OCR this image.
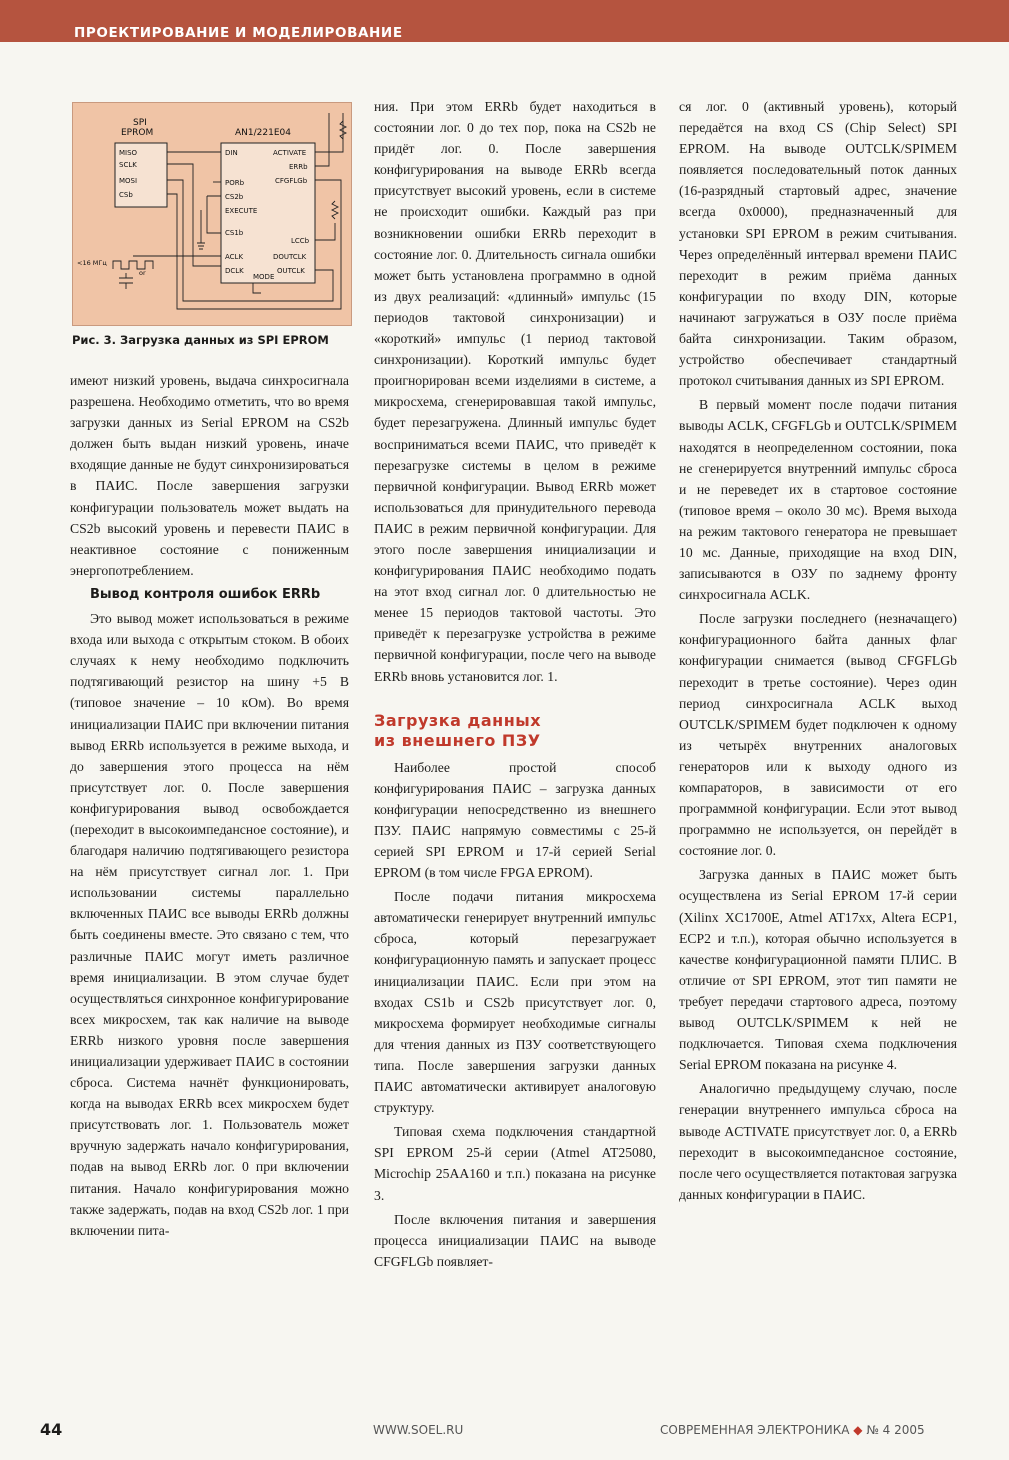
ПРОЕКТИРОВАНИЕ И МОДЕЛИРОВАНИЕ
SPI
EPROM
MISO
SCLK
MOSI
CSb
AN1/221E04
DIN
PORb
CS2b
EXECUTE
CS1b
ACLK
DCLK
MODE
ACTIVATE
ERRb
CFGFLGb
LCCb
DOUTCLK
OUTCLK
<16 МГц
or
Рис. 3. Загрузка данных из SPI EPROM

имеют низкий уровень, выдача синхросигнала разрешена. Необходимо отметить, что во время загрузки данных из Serial EPROM на CS2b должен быть выдан низкий уровень, иначе входящие данные не будут синхронизироваться в ПАИС. После завершения загрузки конфигурации пользователь может выдать на CS2b высокий уровень и перевести ПАИС в неактивное состояние с пониженным энергопотреблением.

Вывод контроля ошибок ERRb

Это вывод может использоваться в режиме входа или выхода с открытым стоком. В обоих случаях к нему необходимо подключить подтягивающий резистор на шину +5 В (типовое значение – 10 кОм). Во время инициализации ПАИС при включении питания вывод ERRb используется в режиме выхода, и до завершения этого процесса на нём присутствует лог. 0. После завершения конфигурирования вывод освобождается (переходит в высокоимпедансное состояние), и благодаря наличию подтягивающего резистора на нём присутствует сигнал лог. 1. При использовании системы параллельно включенных ПАИС все выводы ERRb должны быть соединены вместе. Это связано с тем, что различные ПАИС могут иметь различное время инициализации. В этом случае будет осуществляться синхронное конфигурирование всех микросхем, так как наличие на выводе ERRb низкого уровня после завершения инициализации удерживает ПАИС в состоянии сброса. Система начнёт функционировать, когда на выводах ERRb всех микросхем будет присутствовать лог. 1. Пользователь может вручную задержать начало конфигурирования, подав на вывод ERRb лог. 0 при включении питания. Начало конфигурирования можно также задержать, подав на вход CS2b лог. 1 при включении пита-

ния. При этом ERRb будет находиться в состоянии лог. 0 до тех пор, пока на CS2b не придёт лог. 0. После завершения конфигурирования на выводе ERRb всегда присутствует высокий уровень, если в системе не происходит ошибки. Каждый раз при возникновении ошибки ERRb переходит в состояние лог. 0. Длительность сигнала ошибки может быть установлена программно в одной из двух реализаций: «длинный» импульс (15 периодов тактовой синхронизации) и «короткий» импульс (1 период тактовой синхронизации). Короткий импульс будет проигнорирован всеми изделиями в системе, а микросхема, сгенерировавшая такой импульс, будет перезагружена. Длинный импульс будет восприниматься всеми ПАИС, что приведёт к перезагрузке системы в целом в режиме первичной конфигурации. Вывод ERRb может использоваться для принудительного перевода ПАИС в режим первичной конфигурации. Для этого после завершения инициализации и конфигурирования ПАИС необходимо подать на этот вход сигнал лог. 0 длительностью не менее 15 периодов тактовой частоты. Это приведёт к перезагрузке устройства в режиме первичной конфигурации, после чего на выводе ERRb вновь установится лог. 1.

Загрузка данных
из внешнего ПЗУ

Наиболее простой способ конфигурирования ПАИС – загрузка данных конфигурации непосредственно из внешнего ПЗУ. ПАИС напрямую совместимы с 25-й серией SPI EPROM и 17-й серией Serial EPROM (в том числе FPGA EPROM).

После подачи питания микросхема автоматически генерирует внутренний импульс сброса, который перезагружает конфигурационную память и запускает процесс инициализации ПАИС. Если при этом на входах CS1b и CS2b присутствует лог. 0, микросхема формирует необходимые сигналы для чтения данных из ПЗУ соответствующего типа. После завершения загрузки данных ПАИС автоматически активирует аналоговую структуру.

Типовая схема подключения стандартной SPI EPROM 25-й серии (Atmel AT25080, Microchip 25AA160 и т.п.) показана на рисунке 3.

После включения питания и завершения процесса инициализации ПАИС на выводе CFGFLGb появляет-

ся лог. 0 (активный уровень), который передаётся на вход CS (Chip Select) SPI EPROM. На выводе OUTCLK/SPIMEM появляется последовательный поток данных (16-разрядный стартовый адрес, значение всегда 0x0000), предназначенный для установки SPI EPROM в режим считывания. Через определённый интервал времени ПАИС переходит в режим приёма данных конфигурации по входу DIN, которые начинают загружаться в ОЗУ после приёма байта синхронизации. Таким образом, устройство обеспечивает стандартный протокол считывания данных из SPI EPROM.

В первый момент после подачи питания выводы ACLK, CFGFLGb и OUTCLK/SPIMEM находятся в неопределенном состоянии, пока не сгенерируется внутренний импульс сброса и не переведет их в стартовое состояние (типовое время – около 30 мс). Время выхода на режим тактового генератора не превышает 10 мс. Данные, приходящие на вход DIN, записываются в ОЗУ по заднему фронту синхросигнала ACLK.

После загрузки последнего (незначащего) конфигурационного байта данных флаг конфигурации снимается (вывод CFGFLGb переходит в третье состояние). Через один период синхросигнала ACLK выход OUTCLK/SPIMEM будет подключен к одному из четырёх внутренних аналоговых генераторов или к выходу одного из компараторов, в зависимости от его программной конфигурации. Если этот вывод программно не используется, он перейдёт в состояние лог. 0.

Загрузка данных в ПАИС может быть осуществлена из Serial EPROM 17-й серии (Xilinx XC1700E, Atmel AT17xx, Altera ECP1, ECP2 и т.п.), которая обычно используется в качестве конфигурационной памяти ПЛИС. В отличие от SPI EPROM, этот тип памяти не требует передачи стартового адреса, поэтому вывод OUTCLK/SPIMEM к ней не подключается. Типовая схема подключения Serial EPROM показана на рисунке 4.

Аналогично предыдущему случаю, после генерации внутреннего импульса сброса на выводе ACTIVATE присутствует лог. 0, а ERRb переходит в высокоимпедансное состояние, после чего осуществляется потактовая загрузка данных конфигурации в ПАИС.

44	WWW.SOEL.RU	СОВРЕМЕННАЯ ЭЛЕКТРОНИКА ◆ № 4 2005
